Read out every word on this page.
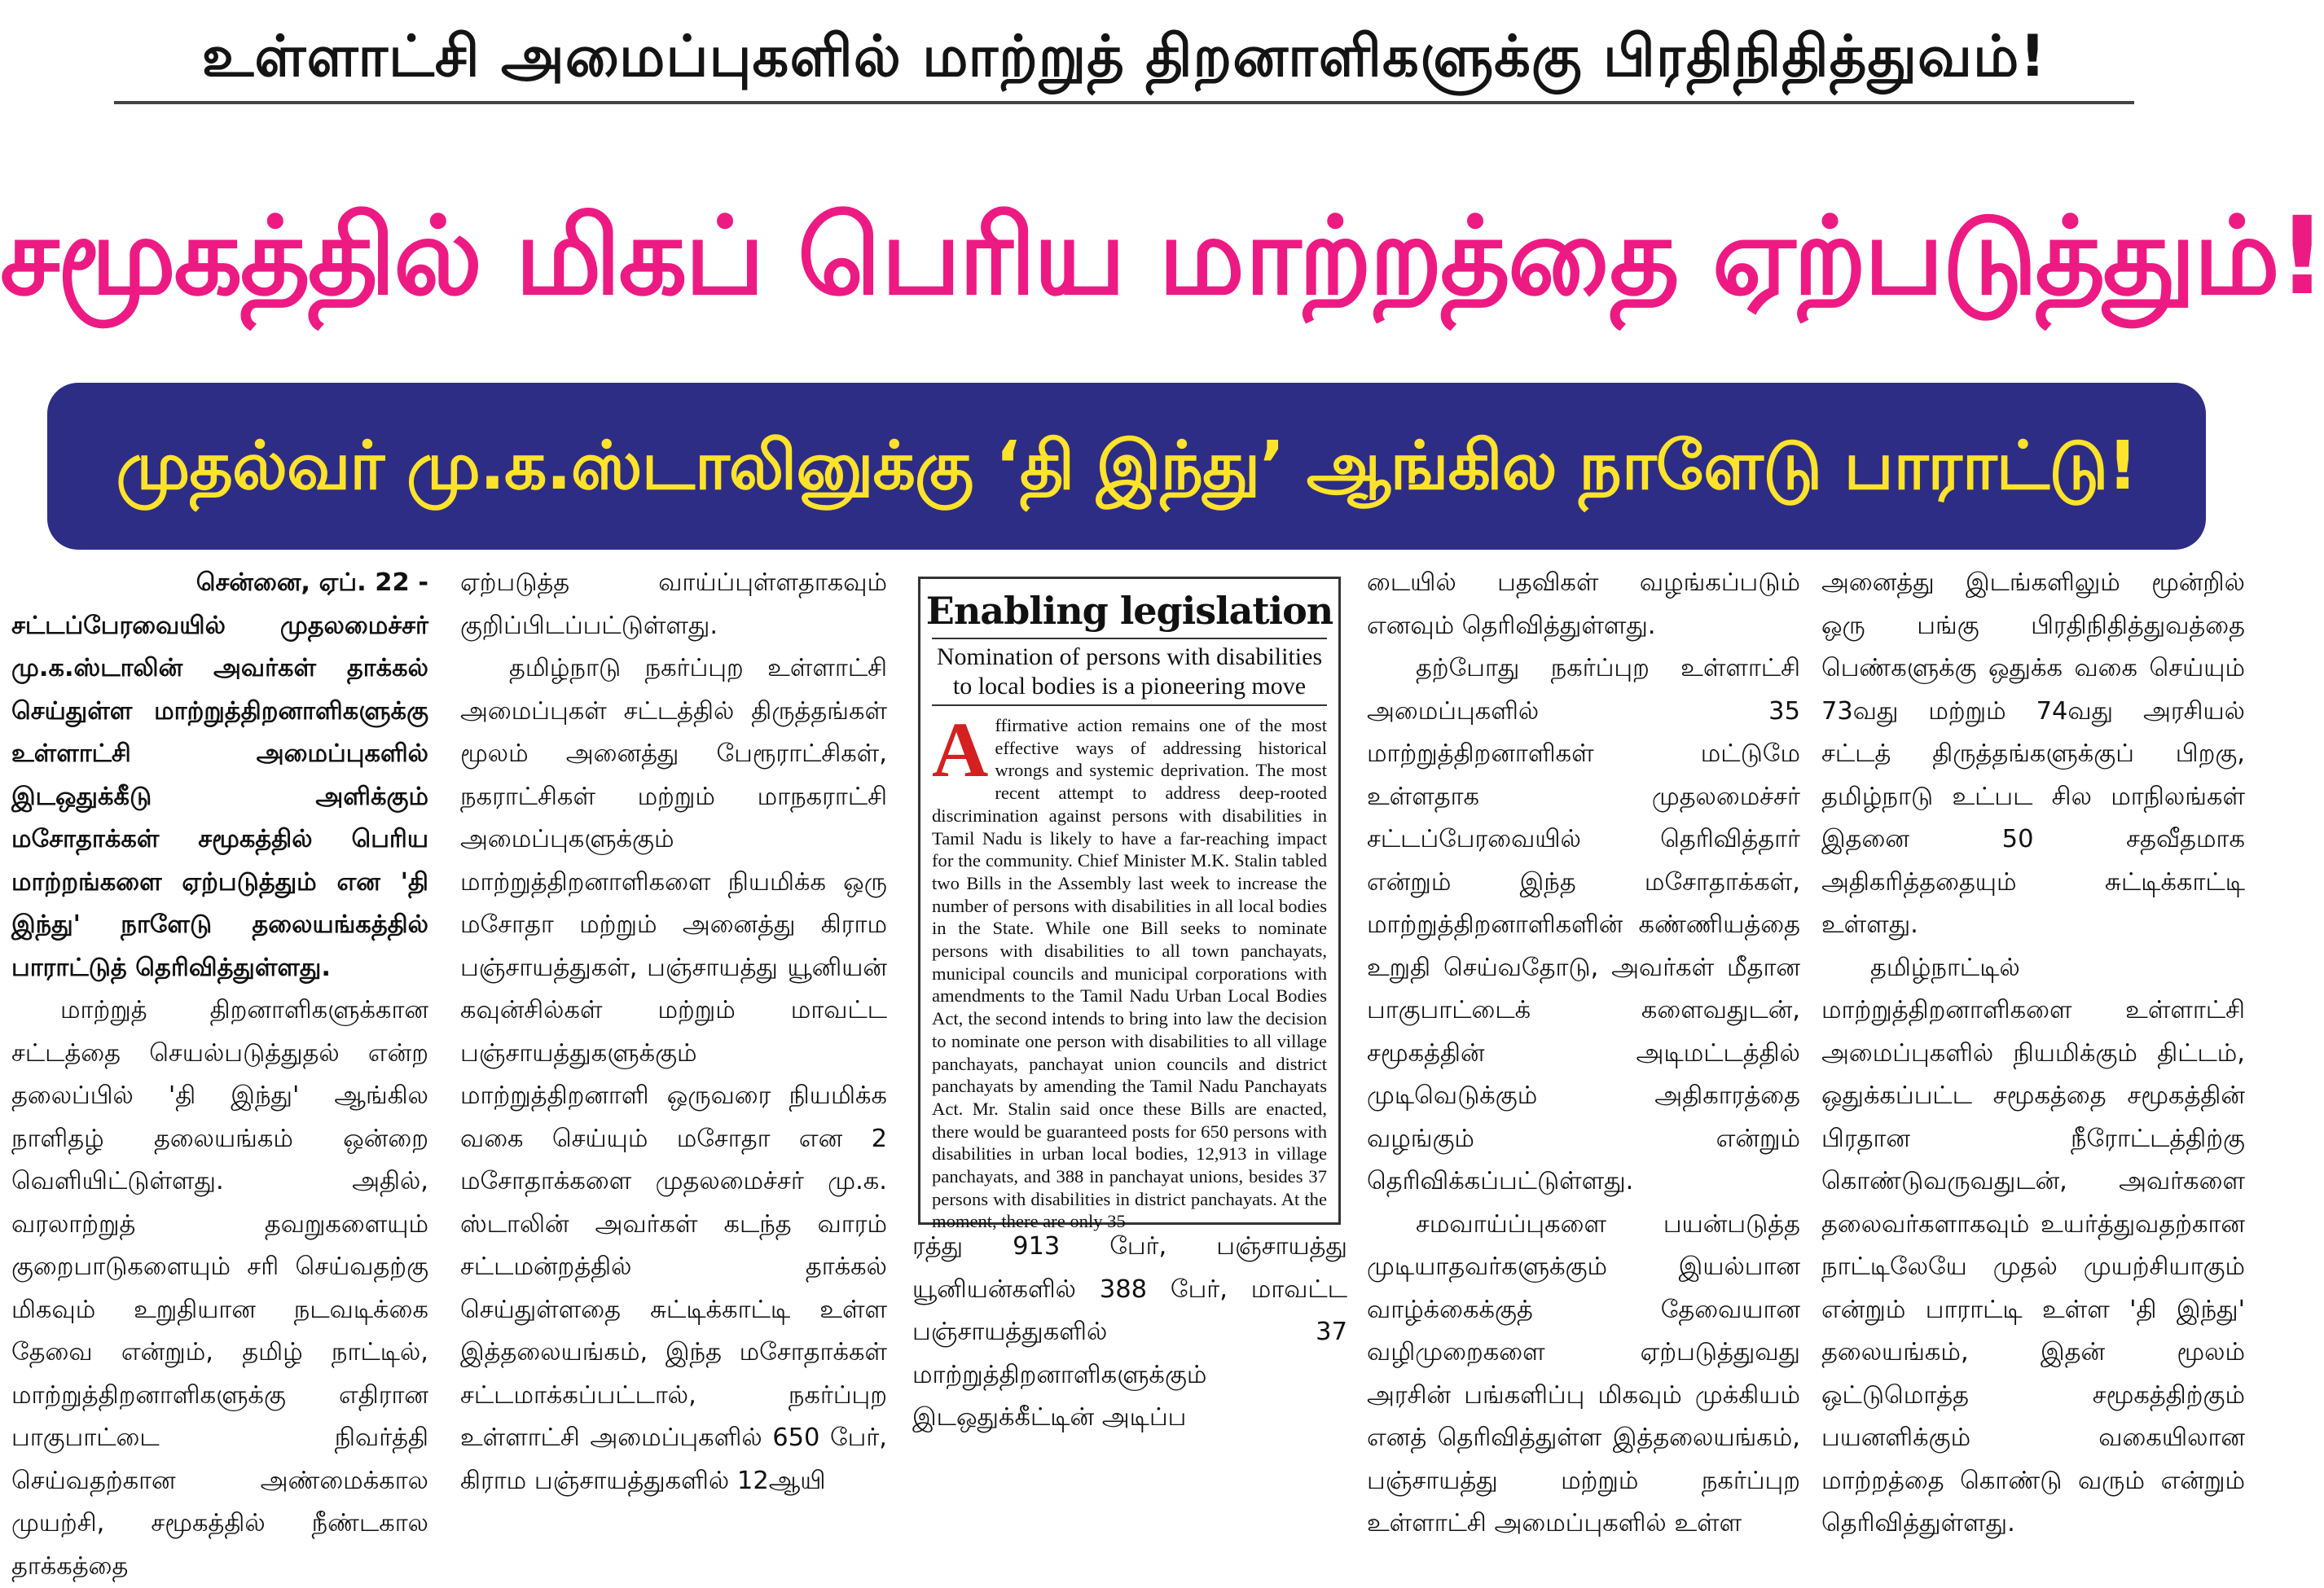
உள்ளாட்சி அமைப்புகளில் மாற்றுத் திறனாளிகளுக்கு பிரதிநிதித்துவம்!
சமூகத்தில் மிகப் பெரிய மாற்றத்தை ஏற்படுத்தும்!
முதல்வர் மு.க.ஸ்டாலினுக்கு ‘தி இந்து’ ஆங்கில நாளேடு பாராட்டு!
சென்னை, ஏப். 22 -

சட்டப்பேரவையில் முதலமைச்சர் மு.க.ஸ்டாலின் அவர்கள் தாக்கல் செய்துள்ள மாற்றுத்திறனாளிகளுக்கு உள்ளாட்சி அமைப்புகளில் இடஒதுக்கீடு அளிக்கும் மசோதாக்கள் சமூகத்தில் பெரிய மாற்றங்களை ஏற்படுத்தும் என 'தி இந்து' நாளேடு தலையங்கத்தில் பாராட்டுத் தெரிவித்துள்ளது.

மாற்றுத் திறனாளிகளுக்கான சட்டத்தை செயல்படுத்துதல் என்ற தலைப்பில் 'தி இந்து' ஆங்கில நாளிதழ் தலையங்கம் ஒன்றை வெளியிட்டுள்ளது. அதில், வரலாற்றுத் தவறுகளையும் குறைபாடுகளையும் சரி செய்வதற்கு மிகவும் உறுதியான நடவடிக்கை தேவை என்றும், தமிழ் நாட்டில், மாற்றுத்திறனாளிகளுக்கு எதிரான பாகுபாட்டை நிவர்த்தி செய்வதற்கான அண்மைக்கால முயற்சி, சமூகத்தில் நீண்டகால தாக்கத்தை

ஏற்படுத்த வாய்ப்புள்ளதாகவும் குறிப்பிடப்பட்டுள்ளது.

தமிழ்நாடு நகர்ப்புற உள்ளாட்சி அமைப்புகள் சட்டத்தில் திருத்தங்கள் மூலம் அனைத்து பேரூராட்சிகள், நகராட்சிகள் மற்றும் மாநகராட்சி அமைப்புகளுக்கும் மாற்றுத்திறனாளிகளை நியமிக்க ஒரு மசோதா மற்றும் அனைத்து கிராம பஞ்சாயத்துகள், பஞ்சாயத்து யூனியன் கவுன்சில்கள் மற்றும் மாவட்ட பஞ்சாயத்துகளுக்கும் மாற்றுத்திறனாளி ஒருவரை நியமிக்க வகை செய்யும் மசோதா என 2 மசோதாக்களை முதலமைச்சர் மு.க. ஸ்டாலின் அவர்கள் கடந்த வாரம் சட்டமன்றத்தில் தாக்கல் செய்துள்ளதை சுட்டிக்காட்டி உள்ள இத்தலையங்கம், இந்த மசோதாக்கள் சட்டமாக்கப்பட்டால், நகர்ப்புற உள்ளாட்சி அமைப்புகளில் 650 பேர், கிராம பஞ்சாயத்துகளில் 12ஆயி

Enabling legislation
Nomination of persons with disabilities to local bodies is a pioneering move
Affirmative action remains one of the most effective ways of addressing historical wrongs and systemic deprivation. The most recent attempt to address deep-rooted discrimination against persons with disabilities in Tamil Nadu is likely to have a far-reaching impact for the community. Chief Minister M.K. Stalin tabled two Bills in the Assembly last week to increase the number of persons with disabilities in all local bodies in the State. While one Bill seeks to nominate persons with disabilities to all town panchayats, municipal councils and municipal corporations with amendments to the Tamil Nadu Urban Local Bodies Act, the second intends to bring into law the decision to nominate one person with disabilities to all village panchayats, panchayat union councils and district panchayats by amending the Tamil Nadu Panchayats Act. Mr. Stalin said once these Bills are enacted, there would be guaranteed posts for 650 persons with disabilities in urban local bodies, 12,913 in village panchayats, and 388 in panchayat unions, besides 37 persons with disabilities in district panchayats. At the moment, there are only 35

ரத்து 913 பேர், பஞ்சாயத்து யூனியன்களில் 388 பேர், மாவட்ட பஞ்சாயத்துகளில் 37 மாற்றுத்திறனாளிகளுக்கும் இடஒதுக்கீட்டின் அடிப்ப

டையில் பதவிகள் வழங்கப்படும் எனவும் தெரிவித்துள்ளது.

தற்போது நகர்ப்புற உள்ளாட்சி அமைப்புகளில் 35 மாற்றுத்திறனாளிகள் மட்டுமே உள்ளதாக முதலமைச்சர் சட்டப்பேரவையில் தெரிவித்தார் என்றும் இந்த மசோதாக்கள், மாற்றுத்திறனாளிகளின் கண்ணியத்தை உறுதி செய்வதோடு, அவர்கள் மீதான பாகுபாட்டைக் களைவதுடன், சமூகத்தின் அடிமட்டத்தில் முடிவெடுக்கும் அதிகாரத்தை வழங்கும் என்றும் தெரிவிக்கப்பட்டுள்ளது.

சமவாய்ப்புகளை பயன்படுத்த முடியாதவர்களுக்கும் இயல்பான வாழ்க்கைக்குத் தேவையான வழிமுறைகளை ஏற்படுத்துவது அரசின் பங்களிப்பு மிகவும் முக்கியம் எனத் தெரிவித்துள்ள இத்தலையங்கம், பஞ்சாயத்து மற்றும் நகர்ப்புற உள்ளாட்சி அமைப்புகளில் உள்ள

அனைத்து இடங்களிலும் மூன்றில் ஒரு பங்கு பிரதிநிதித்துவத்தை பெண்களுக்கு ஒதுக்க வகை செய்யும் 73வது மற்றும் 74வது அரசியல் சட்டத் திருத்தங்களுக்குப் பிறகு, தமிழ்நாடு உட்பட சில மாநிலங்கள் இதனை 50 சதவீதமாக அதிகரித்ததையும் சுட்டிக்காட்டி உள்ளது.

தமிழ்நாட்டில் மாற்றுத்திறனாளிகளை உள்ளாட்சி அமைப்புகளில் நியமிக்கும் திட்டம், ஒதுக்கப்பட்ட சமூகத்தை சமூகத்தின் பிரதான நீரோட்டத்திற்கு கொண்டுவருவதுடன், அவர்களை தலைவர்களாகவும் உயர்த்துவதற்கான நாட்டிலேயே முதல் முயற்சியாகும் என்றும் பாராட்டி உள்ள 'தி இந்து' தலையங்கம், இதன் மூலம் ஒட்டுமொத்த சமூகத்திற்கும் பயனளிக்கும் வகையிலான மாற்றத்தை கொண்டு வரும் என்றும் தெரிவித்துள்ளது.
